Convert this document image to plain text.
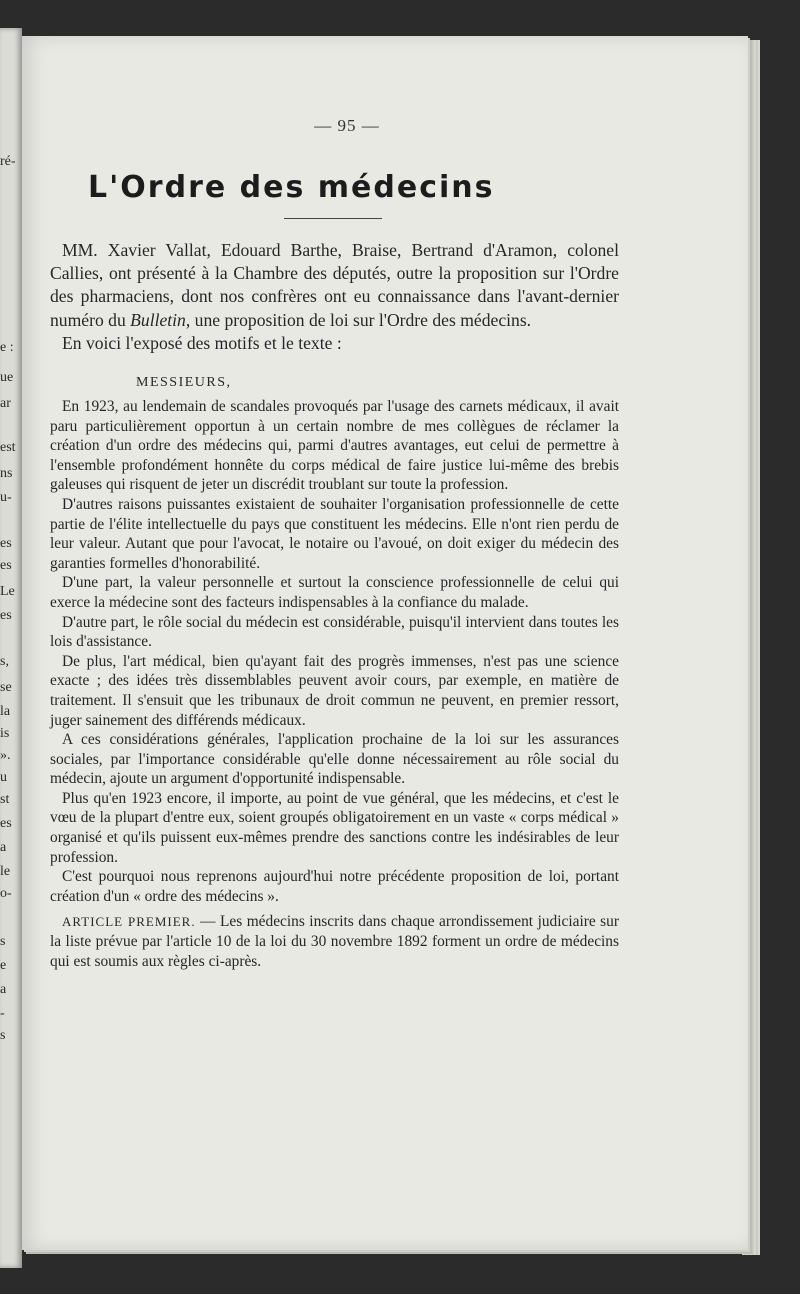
ré-
e :
ue
ar
est
ns
u-
es
es
Le
es
s,
se
la
is
».
u
st
es
a
le
o-
s
e
a
-
s
— 95 —
L'Ordre des médecins

MM. Xavier Vallat, Edouard Barthe, Braise, Bertrand d'Aramon, colonel Callies, ont présenté à la Chambre des députés, outre la proposition sur l'Ordre des pharmaciens, dont nos confrères ont eu connaissance dans l'avant-dernier numéro du Bulletin, une proposition de loi sur l'Ordre des médecins.

En voici l'exposé des motifs et le texte :

MESSIEURS,

En 1923, au lendemain de scandales provoqués par l'usage des carnets médicaux, il avait paru particulièrement opportun à un certain nombre de mes collègues de réclamer la création d'un ordre des médecins qui, parmi d'autres avantages, eut celui de permettre à l'ensemble profondément honnête du corps médical de faire justice lui-même des brebis galeuses qui risquent de jeter un discrédit troublant sur toute la profession.

D'autres raisons puissantes existaient de souhaiter l'organisation professionnelle de cette partie de l'élite intellectuelle du pays que constituent les médecins. Elle n'ont rien perdu de leur valeur. Autant que pour l'avocat, le notaire ou l'avoué, on doit exiger du médecin des garanties formelles d'honorabilité.

D'une part, la valeur personnelle et surtout la conscience professionnelle de celui qui exerce la médecine sont des facteurs indispensables à la confiance du malade.

D'autre part, le rôle social du médecin est considérable, puisqu'il intervient dans toutes les lois d'assistance.

De plus, l'art médical, bien qu'ayant fait des progrès immenses, n'est pas une science exacte ; des idées très dissemblables peuvent avoir cours, par exemple, en matière de traitement. Il s'ensuit que les tribunaux de droit commun ne peuvent, en premier ressort, juger sainement des différends médicaux.

A ces considérations générales, l'application prochaine de la loi sur les assurances sociales, par l'importance considérable qu'elle donne nécessairement au rôle social du médecin, ajoute un argument d'opportunité indispensable.

Plus qu'en 1923 encore, il importe, au point de vue général, que les médecins, et c'est le vœu de la plupart d'entre eux, soient groupés obligatoirement en un vaste « corps médical » organisé et qu'ils puissent eux-mêmes prendre des sanctions contre les indésirables de leur profession.

C'est pourquoi nous reprenons aujourd'hui notre précédente proposition de loi, portant création d'un « ordre des médecins ».

ARTICLE PREMIER. — Les médecins inscrits dans chaque arrondissement judiciaire sur la liste prévue par l'article 10 de la loi du 30 novembre 1892 forment un ordre de médecins qui est soumis aux règles ci-après.
